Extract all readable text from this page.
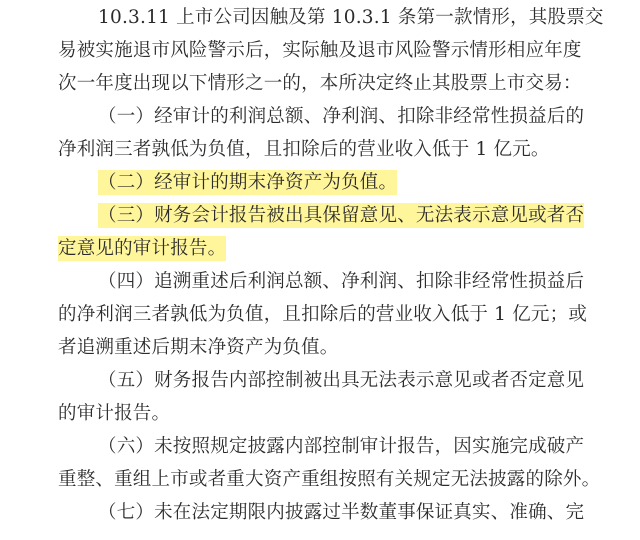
10.3.11 上市公司因触及第 10.3.1 条第一款情形，其股票交
易被实施退市风险警示后，实际触及退市风险警示情形相应年度
次一年度出现以下情形之一的，本所决定终止其股票上市交易：
（一）经审计的利润总额、净利润、扣除非经常性损益后的
净利润三者孰低为负值，且扣除后的营业收入低于 1 亿元。
（二）经审计的期末净资产为负值。
（三）财务会计报告被出具保留意见、无法表示意见或者否
定意见的审计报告。
（四）追溯重述后利润总额、净利润、扣除非经常性损益后
的净利润三者孰低为负值，且扣除后的营业收入低于 1 亿元；或
者追溯重述后期末净资产为负值。
（五）财务报告内部控制被出具无法表示意见或者否定意见
的审计报告。
（六）未按照规定披露内部控制审计报告，因实施完成破产
重整、重组上市或者重大资产重组按照有关规定无法披露的除外。
（七）未在法定期限内披露过半数董事保证真实、准确、完
